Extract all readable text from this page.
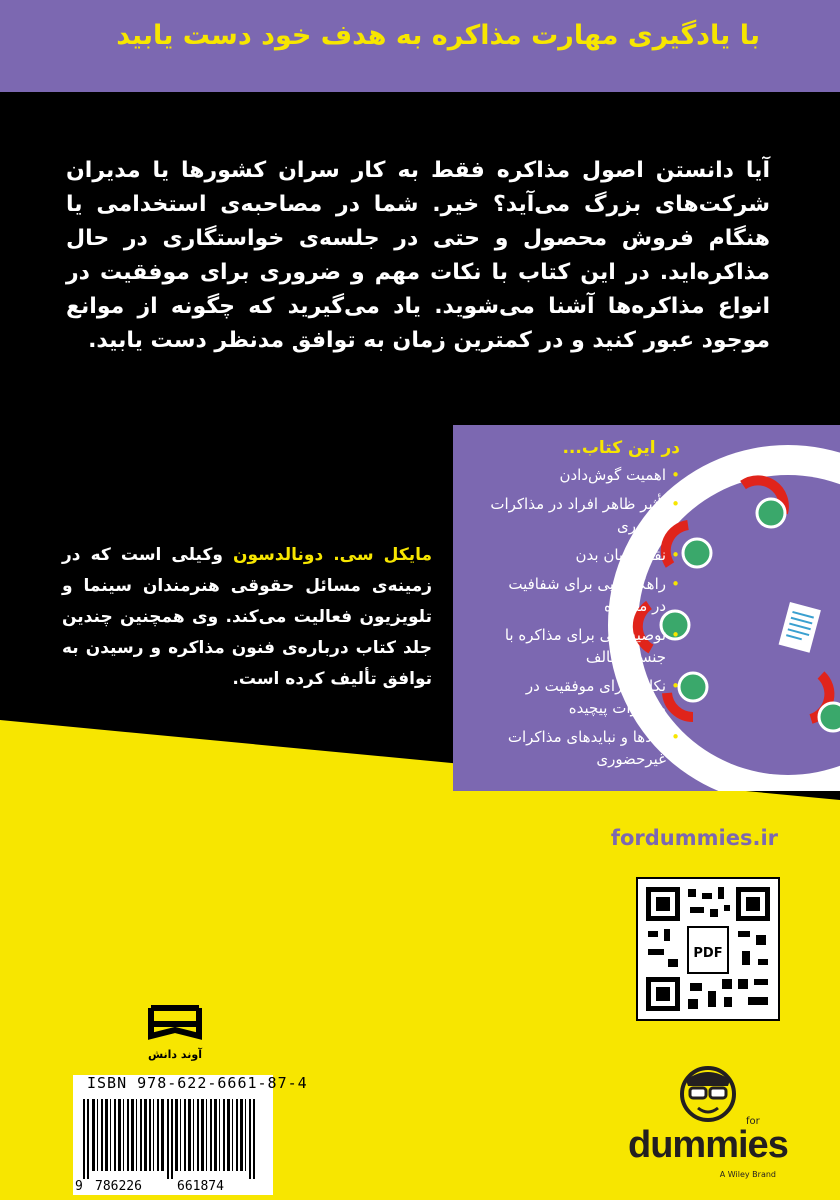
با یادگیری مهارت مذاکره به هدف خود دست یابید
آیا دانستن اصول مذاکره فقط به کار سران کشورها یا مدیران شرکت‌های بزرگ می‌آید؟ خیر. شما در مصاحبه‌ی استخدامی یا هنگام فروش محصول و حتی در جلسه‌ی خواستگاری در حال مذاکره‌اید. در این کتاب با نکات مهم و ضروری برای موفقیت در انواع مذاکره‌ها آشنا می‌شوید. یاد می‌گیرید که چگونه از موانع موجود عبور کنید و در کمترین زمان به توافق مدنظر دست یابید.
در این کتاب...
• اهمیت گوش‌دادن
• تأثیر ظاهر افراد در مذاکرات حضوری
• نقش زبان بدن
• راهکارهایی برای شفافیت در مذاکره
• توصیه‌هایی برای مذاکره با جنس مخالف
• نکاتی برای موفقیت در مذاکرات پیچیده
• بایدها و نبایدهای مذاکرات غیرحضوری
مایکل سی. دونالدسون وکیلی است که در زمینه‌ی مسائل حقوقی هنرمندان سینما و تلویزیون فعالیت می‌کند. وی همچنین چندین جلد کتاب درباره‌ی فنون مذاکره و رسیدن به توافق تألیف کرده است.
fordummies.ir
PDF
آوند دانش
9 786226	661874
ISBN 978-622-6661-87-4
for
dummies
A Wiley Brand
